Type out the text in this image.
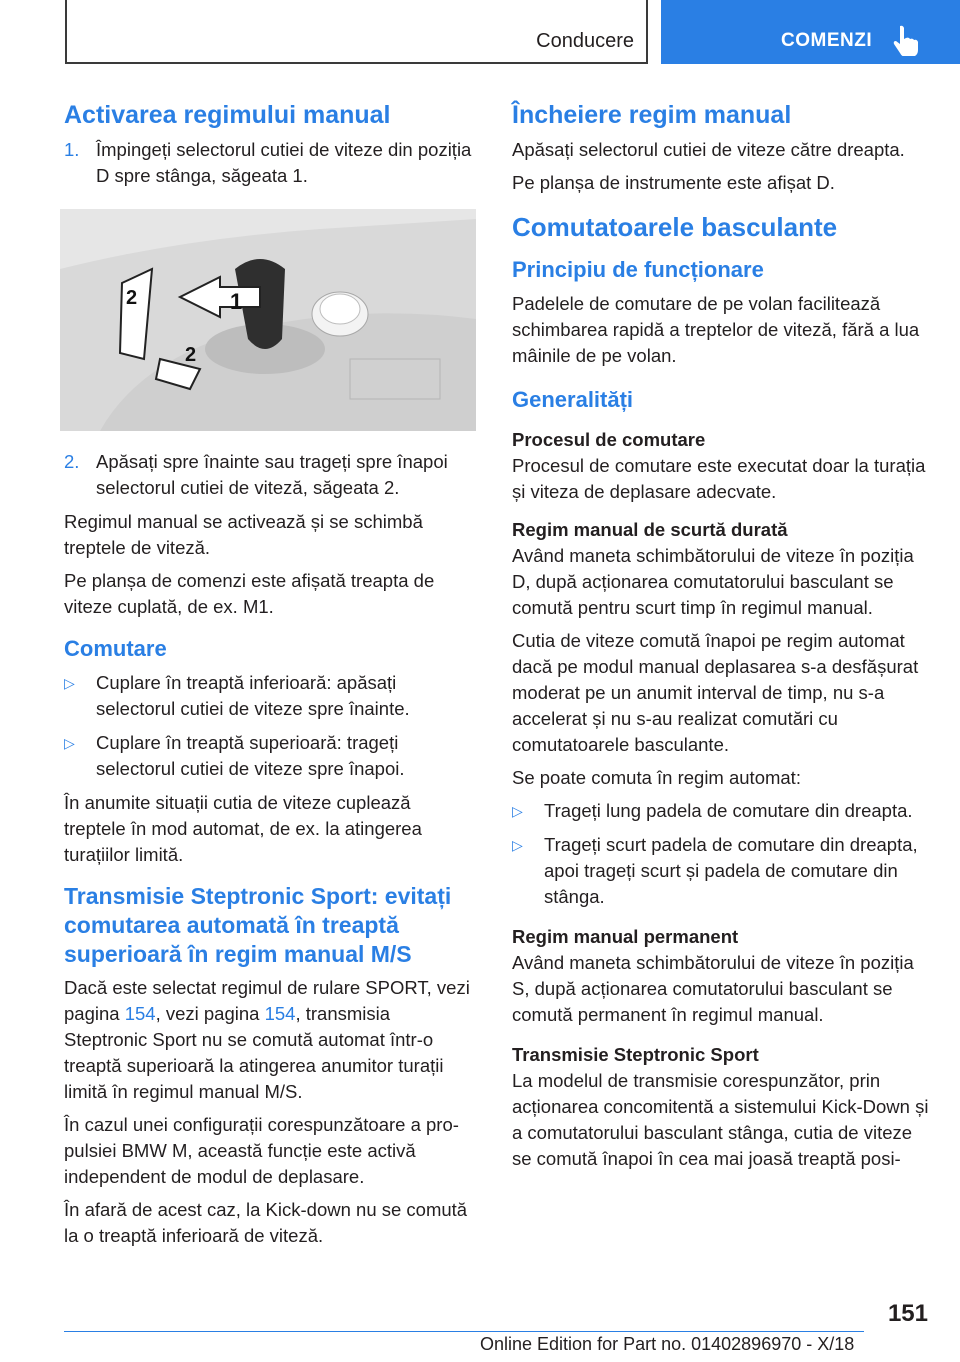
Conducere	COMENZI
Activarea regimului manual
1. Împingeți selectorul cutiei de viteze din poziția D spre stânga, săgeata 1.
1
2
2
2. Apăsați spre înainte sau trageți spre înapoi selectorul cutiei de viteză, săgeata 2.

Regimul manual se activează și se schimbă treptele de viteză.

Pe planșa de comenzi este afișată treapta de viteze cuplată, de ex. M1.

Comutare
▷ Cuplare în treaptă inferioară: apăsați selectorul cutiei de viteze spre înainte.
▷ Cuplare în treaptă superioară: trageți selectorul cutiei de viteze spre înapoi.

În anumite situații cutia de viteze cuplează treptele în mod automat, de ex. la atingerea turațiilor limită.

Transmisie Steptronic Sport: evitați comutarea automată în treaptă superioară în regim manual M/S

Dacă este selectat regimul de rulare SPORT, vezi pagina 154, vezi pagina 154, transmisia Steptronic Sport nu se comută automat într-o treaptă superioară la atingerea anumitor turații limită în regimul manual M/S.

În cazul unei configurații corespunzătoare a pro-pulsiei BMW M, această funcție este activă independent de modul de deplasare.

În afară de acest caz, la Kick-down nu se comută la o treaptă inferioară de viteză.

Încheiere regim manual

Apăsați selectorul cutiei de viteze către dreapta.

Pe planșa de instrumente este afișat D.

Comutatoarele basculante
Principiu de funcționare

Padelele de comutare de pe volan facilitează schimbarea rapidă a treptelor de viteză, fără a lua mâinile de pe volan.

Generalități
Procesul de comutare

Procesul de comutare este executat doar la turația și viteza de deplasare adecvate.

Regim manual de scurtă durată

Având maneta schimbătorului de viteze în poziția D, după acționarea comutatorului basculant se comută pentru scurt timp în regimul manual.

Cutia de viteze comută înapoi pe regim automat dacă pe modul manual deplasarea s-a desfășurat moderat pe un anumit interval de timp, nu s-a accelerat și nu s-au realizat comutări cu comutatoarele basculante.

Se poate comuta în regim automat:

▷ Trageți lung padela de comutare din dreapta.
▷ Trageți scurt padela de comutare din dreapta, apoi trageți scurt și padela de comutare din stânga.
Regim manual permanent

Având maneta schimbătorului de viteze în poziția S, după acționarea comutatorului basculant se comută permanent în regimul manual.

Transmisie Steptronic Sport

La modelul de transmisie corespunzător, prin acționarea concomitentă a sistemului Kick-Down și a comutatorului basculant stânga, cutia de viteze se comută înapoi în cea mai joasă treaptă posi-

151
Online Edition for Part no. 01402896970 - X/18
